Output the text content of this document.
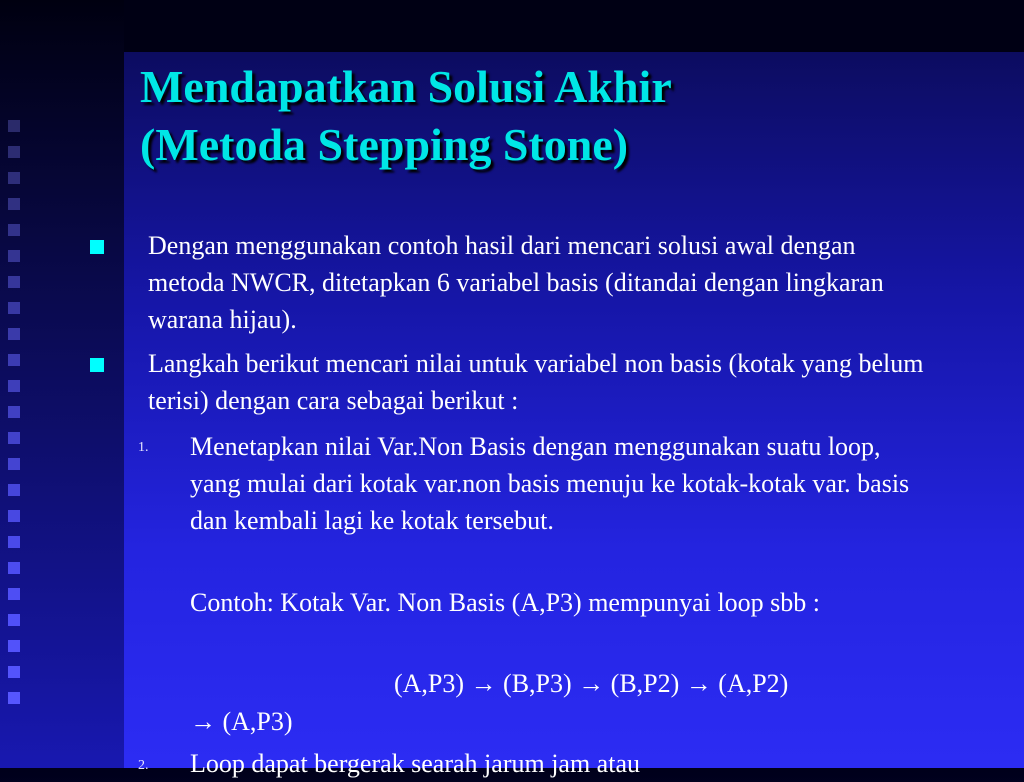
Mendapatkan Solusi Akhir
(Metoda Stepping Stone)
Dengan menggunakan contoh hasil dari mencari solusi awal dengan metoda NWCR, ditetapkan 6 variabel basis (ditandai dengan lingkaran warana hijau).
Langkah berikut mencari nilai untuk variabel non basis (kotak yang belum terisi) dengan cara sebagai berikut :
1. Menetapkan nilai Var.Non Basis dengan menggunakan suatu loop, yang mulai dari kotak var.non basis menuju ke kotak-kotak var. basis dan kembali lagi ke kotak tersebut.
Contoh: Kotak Var. Non Basis (A,P3) mempunyai loop sbb :
(A,P3) → (B,P3) → (B,P2) → (A,P2)
→ (A,P3)
2. Loop dapat bergerak searah jarum jam atau
